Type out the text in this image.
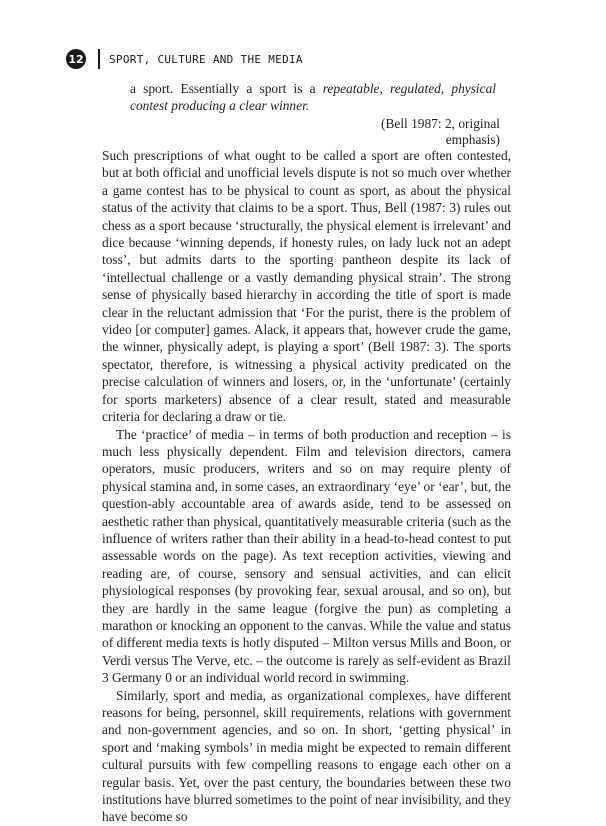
12 SPORT, CULTURE AND THE MEDIA
a sport. Essentially a sport is a repeatable, regulated, physical contest producing a clear winner.
(Bell 1987: 2, original emphasis)

Such prescriptions of what ought to be called a sport are often contested, but at both official and unofficial levels dispute is not so much over whether a game contest has to be physical to count as sport, as about the physical status of the activity that claims to be a sport. Thus, Bell (1987: 3) rules out chess as a sport because ‘structurally, the physical element is irrelevant’ and dice because ‘winning depends, if honesty rules, on lady luck not an adept toss’, but admits darts to the sporting pantheon despite its lack of ‘intellectual challenge or a vastly demanding physical strain’. The strong sense of physically based hierarchy in according the title of sport is made clear in the reluctant admission that ‘For the purist, there is the problem of video [or computer] games. Alack, it appears that, however crude the game, the winner, physically adept, is playing a sport’ (Bell 1987: 3). The sports spectator, therefore, is witnessing a physical activity predicated on the precise calculation of winners and losers, or, in the ‘unfortunate’ (certainly for sports marketers) absence of a clear result, stated and measurable criteria for declaring a draw or tie.

The ‘practice’ of media – in terms of both production and reception – is much less physically dependent. Film and television directors, camera operators, music producers, writers and so on may require plenty of physical stamina and, in some cases, an extraordinary ‘eye’ or ‘ear’, but, the question-ably accountable area of awards aside, tend to be assessed on aesthetic rather than physical, quantitatively measurable criteria (such as the influence of writers rather than their ability in a head-to-head contest to put assessable words on the page). As text reception activities, viewing and reading are, of course, sensory and sensual activities, and can elicit physiological responses (by provoking fear, sexual arousal, and so on), but they are hardly in the same league (forgive the pun) as completing a marathon or knocking an opponent to the canvas. While the value and status of different media texts is hotly disputed – Milton versus Mills and Boon, or Verdi versus The Verve, etc. – the outcome is rarely as self-evident as Brazil 3 Germany 0 or an individual world record in swimming.

Similarly, sport and media, as organizational complexes, have different reasons for being, personnel, skill requirements, relations with government and non-government agencies, and so on. In short, ‘getting physical’ in sport and ‘making symbols’ in media might be expected to remain different cultural pursuits with few compelling reasons to engage each other on a regular basis. Yet, over the past century, the boundaries between these two institutions have blurred sometimes to the point of near invisibility, and they have become so
